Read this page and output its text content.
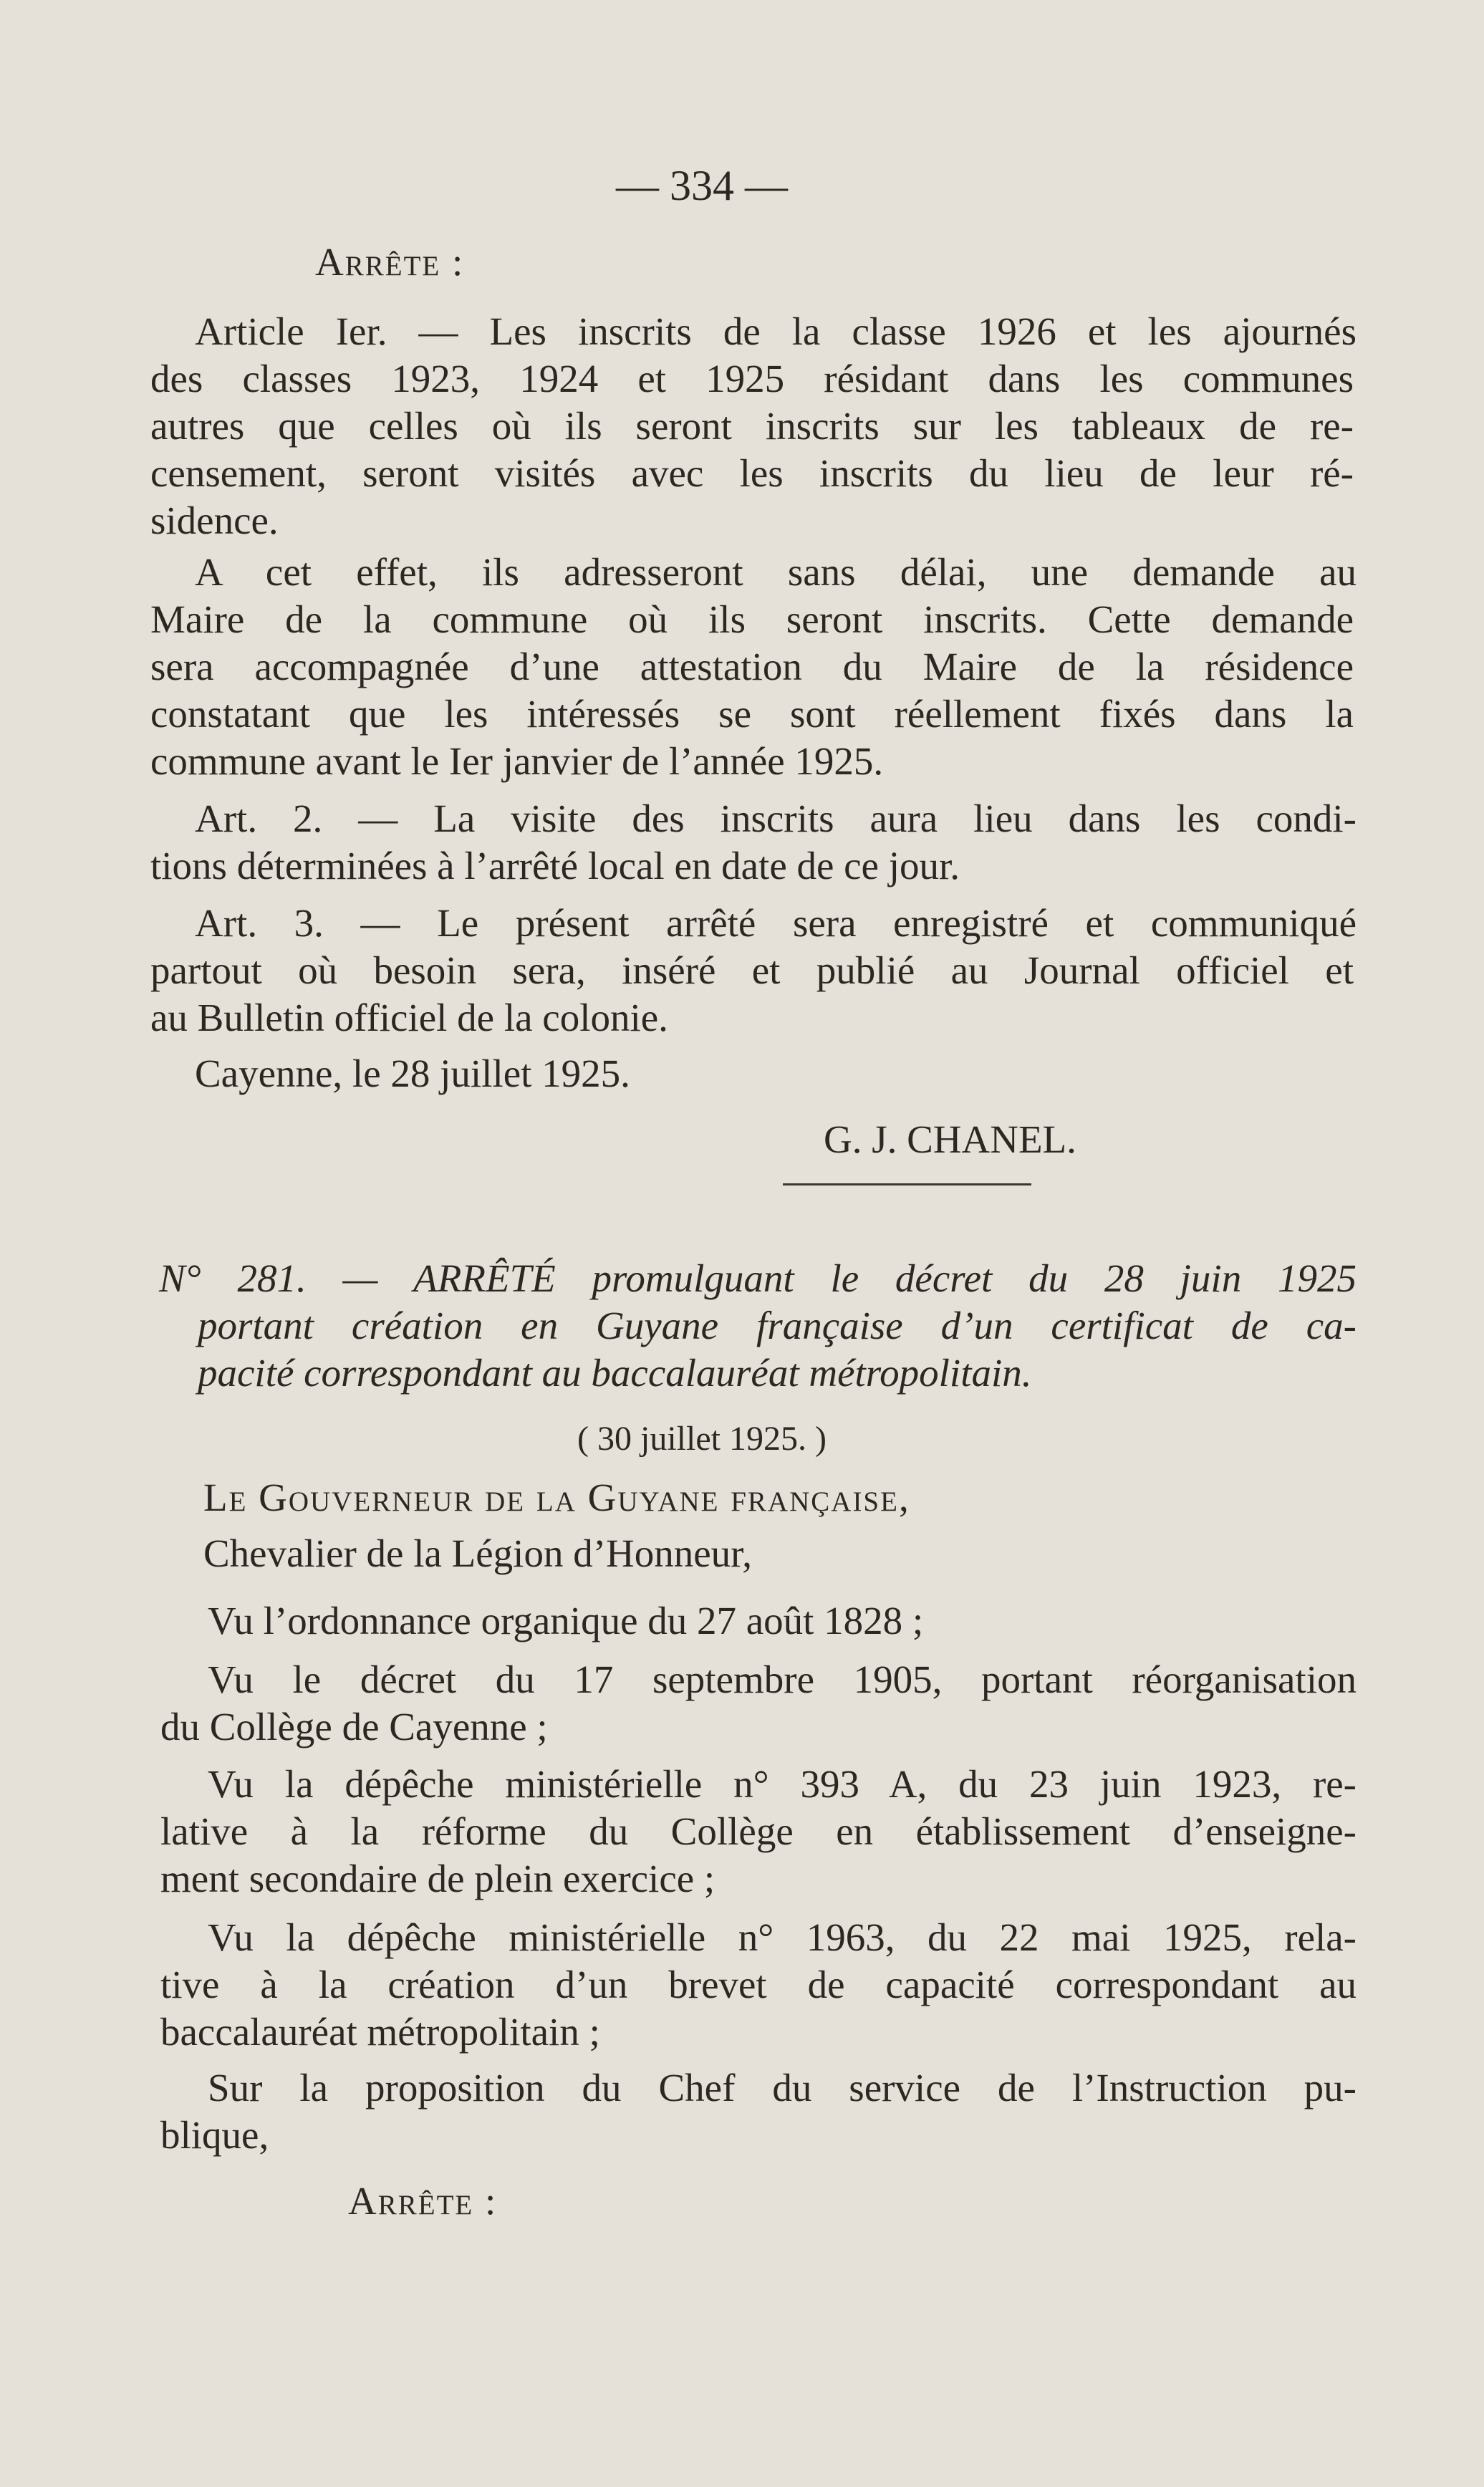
— 334 —
Arrête :
Article Ier. — Les inscrits de la classe 1926 et les ajournés
des classes 1923, 1924 et 1925 résidant dans les communes
autres que celles où ils seront inscrits sur les tableaux de re-
censement, seront visités avec les inscrits du lieu de leur ré-
sidence.
A cet effet, ils adresseront sans délai, une demande au
Maire de la commune où ils seront inscrits. Cette demande
sera accompagnée d’une attestation du Maire de la résidence
constatant que les intéressés se sont réellement fixés dans la
commune avant le Ier janvier de l’année 1925.
Art. 2. — La visite des inscrits aura lieu dans les condi-
tions déterminées à l’arrêté local en date de ce jour.
Art. 3. — Le présent arrêté sera enregistré et communiqué
partout où besoin sera, inséré et publié au Journal officiel et
au Bulletin officiel de la colonie.
Cayenne, le 28 juillet 1925.
G. J. CHANEL.
N° 281. — ARRÊTÉ promulguant le décret du 28 juin 1925
portant création en Guyane française d’un certificat de ca-
pacité correspondant au baccalauréat métropolitain.
( 30 juillet 1925. )
Le Gouverneur de la Guyane française,
Chevalier de la Légion d’Honneur,
Vu l’ordonnance organique du 27 août 1828 ;
Vu le décret du 17 septembre 1905, portant réorganisation
du Collège de Cayenne ;
Vu la dépêche ministérielle n° 393 A, du 23 juin 1923, re-
lative à la réforme du Collège en établissement d’enseigne-
ment secondaire de plein exercice ;
Vu la dépêche ministérielle n° 1963, du 22 mai 1925, rela-
tive à la création d’un brevet de capacité correspondant au
baccalauréat métropolitain ;
Sur la proposition du Chef du service de l’Instruction pu-
blique,
Arrête :
